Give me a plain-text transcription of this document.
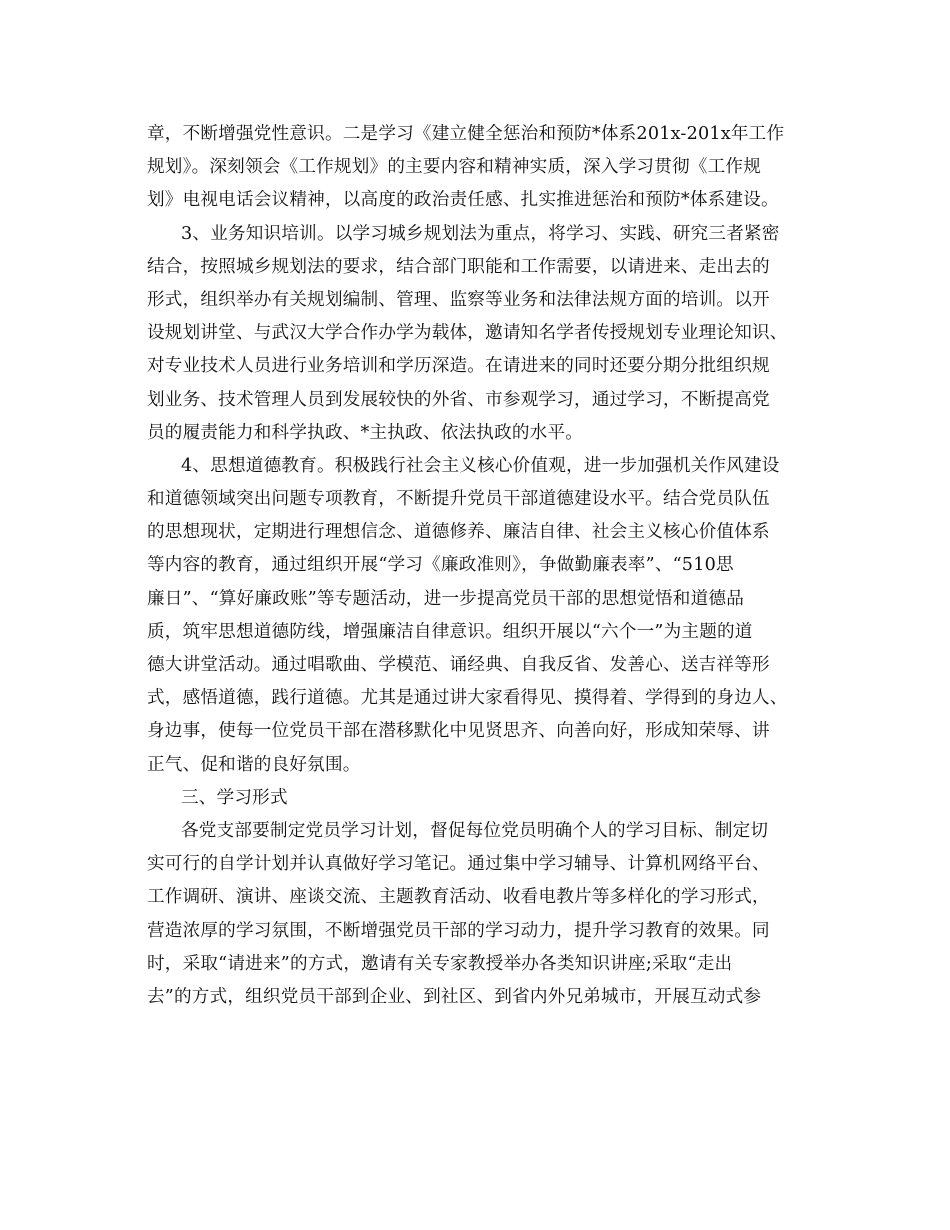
章，不断增强党性意识。二是学习《建立健全惩治和预防*体系201x-201x年工作
规划》。深刻领会《工作规划》的主要内容和精神实质，深入学习贯彻《工作规
划》电视电话会议精神，以高度的政治责任感、扎实推进惩治和预防*体系建设。
3、业务知识培训。以学习城乡规划法为重点，将学习、实践、研究三者紧密
结合，按照城乡规划法的要求，结合部门职能和工作需要，以请进来、走出去的
形式，组织举办有关规划编制、管理、监察等业务和法律法规方面的培训。以开
设规划讲堂、与武汉大学合作办学为载体，邀请知名学者传授规划专业理论知识、
对专业技术人员进行业务培训和学历深造。在请进来的同时还要分期分批组织规
划业务、技术管理人员到发展较快的外省、市参观学习，通过学习，不断提高党
员的履责能力和科学执政、*主执政、依法执政的水平。
4、思想道德教育。积极践行社会主义核心价值观，进一步加强机关作风建设
和道德领域突出问题专项教育，不断提升党员干部道德建设水平。结合党员队伍
的思想现状，定期进行理想信念、道德修养、廉洁自律、社会主义核心价值体系
等内容的教育，通过组织开展“学习《廉政准则》，争做勤廉表率”、“510思
廉日”、“算好廉政账”等专题活动，进一步提高党员干部的思想觉悟和道德品
质，筑牢思想道德防线，增强廉洁自律意识。组织开展以“六个一”为主题的道
德大讲堂活动。通过唱歌曲、学模范、诵经典、自我反省、发善心、送吉祥等形
式，感悟道德，践行道德。尤其是通过讲大家看得见、摸得着、学得到的身边人、
身边事，使每一位党员干部在潜移默化中见贤思齐、向善向好，形成知荣辱、讲
正气、促和谐的良好氛围。
三、学习形式
各党支部要制定党员学习计划，督促每位党员明确个人的学习目标、制定切
实可行的自学计划并认真做好学习笔记。通过集中学习辅导、计算机网络平台、
工作调研、演讲、座谈交流、主题教育活动、收看电教片等多样化的学习形式，
营造浓厚的学习氛围，不断增强党员干部的学习动力，提升学习教育的效果。同
时，采取“请进来”的方式，邀请有关专家教授举办各类知识讲座;采取“走出
去”的方式，组织党员干部到企业、到社区、到省内外兄弟城市，开展互动式参
